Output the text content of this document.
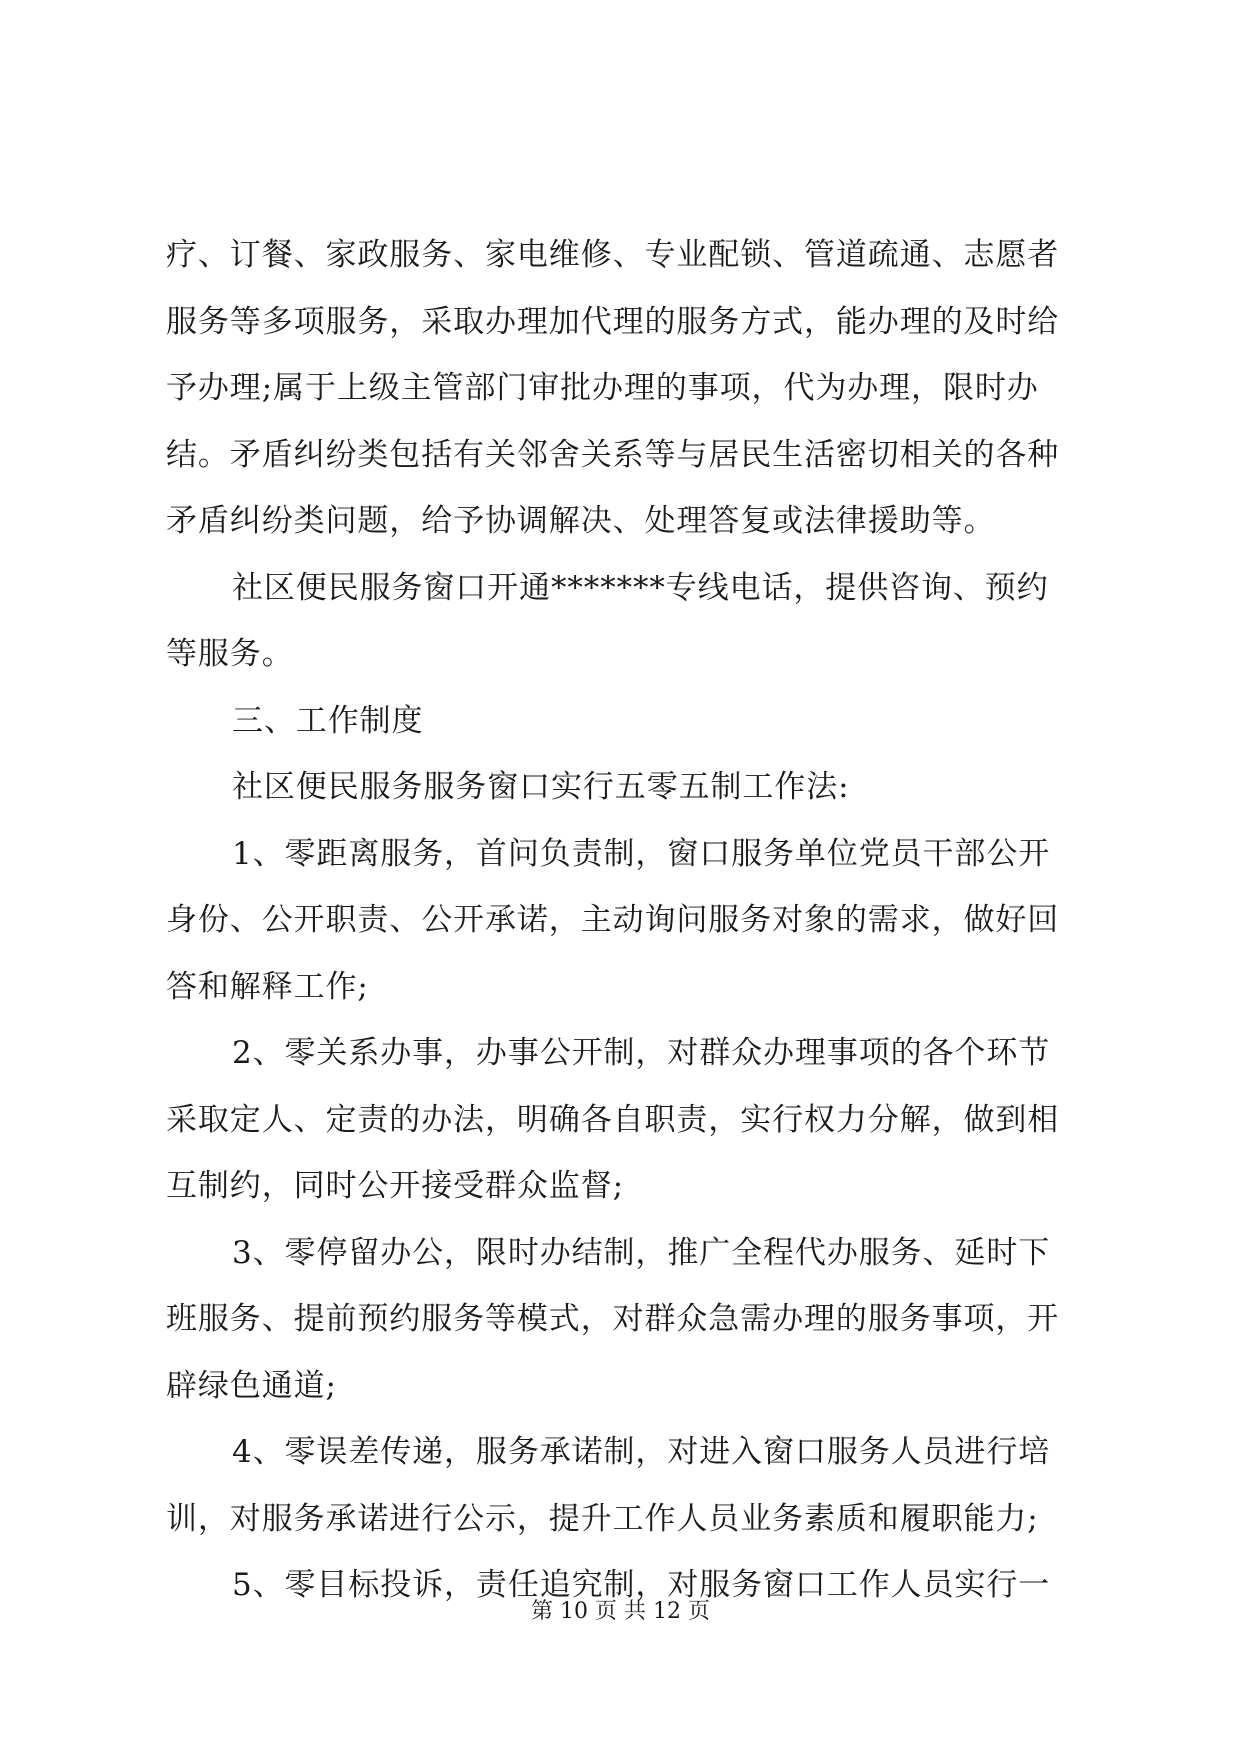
疗、订餐、家政服务、家电维修、专业配锁、管道疏通、志愿者
服务等多项服务，采取办理加代理的服务方式，能办理的及时给
予办理;属于上级主管部门审批办理的事项，代为办理，限时办
结。矛盾纠纷类包括有关邻舍关系等与居民生活密切相关的各种
矛盾纠纷类问题，给予协调解决、处理答复或法律援助等。
社区便民服务窗口开通*******专线电话，提供咨询、预约
等服务。
三、工作制度
社区便民服务服务窗口实行五零五制工作法:
1、零距离服务，首问负责制，窗口服务单位党员干部公开
身份、公开职责、公开承诺，主动询问服务对象的需求，做好回
答和解释工作;
2、零关系办事，办事公开制，对群众办理事项的各个环节
采取定人、定责的办法，明确各自职责，实行权力分解，做到相
互制约，同时公开接受群众监督;
3、零停留办公，限时办结制，推广全程代办服务、延时下
班服务、提前预约服务等模式，对群众急需办理的服务事项，开
辟绿色通道;
4、零误差传递，服务承诺制，对进入窗口服务人员进行培
训，对服务承诺进行公示，提升工作人员业务素质和履职能力;
5、零目标投诉，责任追究制，对服务窗口工作人员实行一
第 10 页 共 12 页
